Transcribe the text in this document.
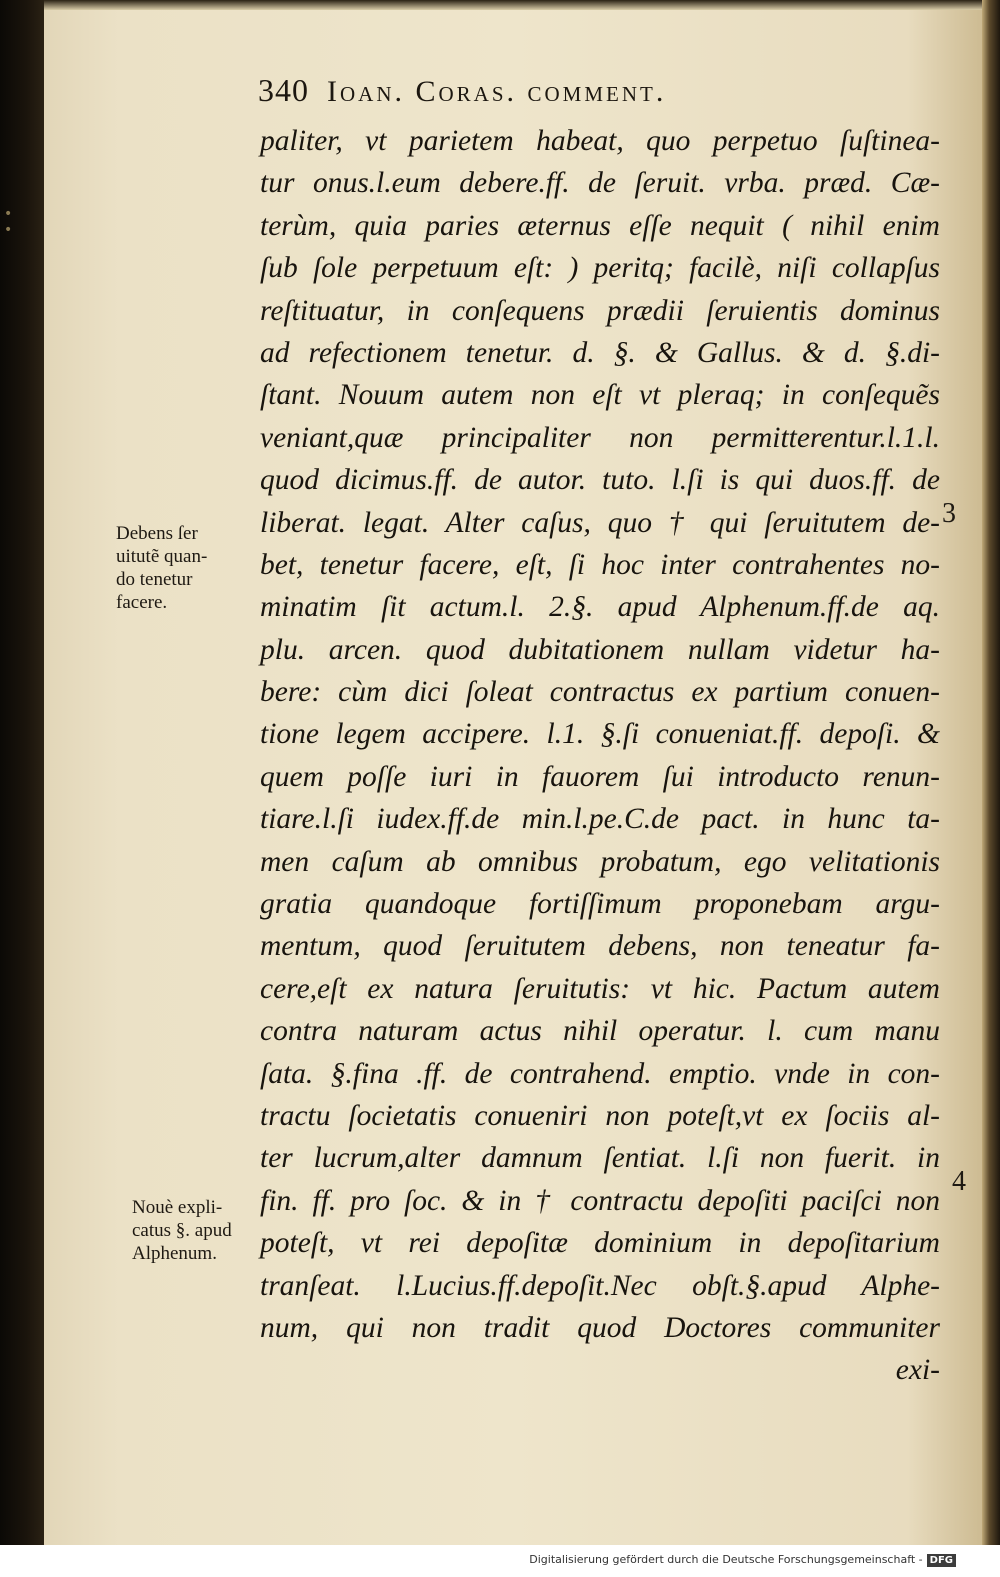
• •
340 Ioan. Coras. comment.
paliter, vt parietem habeat, quo perpetuo ſuſtinea-
tur onus.l.eum debere.ff. de ſeruit. vrba. præd. Cæ-
terùm, quia paries æternus eſſe nequit ( nihil enim
ſub ſole perpetuum eſt: ) peritq; facilè, niſi collapſus
reſtituatur, in conſequens prædii ſeruientis dominus
ad refectionem tenetur. d. §. & Gallus. & d. §.di-
ſtant. Nouum autem non eſt vt pleraq; in conſequẽs
veniant,quæ principaliter non permitterentur.l.1.l.
quod dicimus.ff. de autor. tuto. l.ſi is qui duos.ff. de
liberat. legat. Alter caſus, quo † qui ſeruitutem de-
bet, tenetur facere, eſt, ſi hoc inter contrahentes no-
minatim ſit actum.l. 2.§. apud Alphenum.ff.de aq.
plu. arcen. quod dubitationem nullam videtur ha-
bere: cùm dici ſoleat contractus ex partium conuen-
tione legem accipere. l.1. §.ſi conueniat.ff. depoſi. &
quem poſſe iuri in fauorem ſui introducto renun-
tiare.l.ſi iudex.ff.de min.l.pe.C.de pact. in hunc ta-
men caſum ab omnibus probatum, ego velitationis
gratia quandoque fortiſſimum proponebam argu-
mentum, quod ſeruitutem debens, non teneatur fa-
cere,eſt ex natura ſeruitutis: vt hic. Pactum autem
contra naturam actus nihil operatur. l. cum manu
ſata. §.fina .ff. de contrahend. emptio. vnde in con-
tractu ſocietatis conueniri non poteſt,vt ex ſociis al-
ter lucrum,alter damnum ſentiat. l.ſi non fuerit. in
fin. ff. pro ſoc. & in † contractu depoſiti paciſci non
poteſt, vt rei depoſitæ dominium in depoſitarium
tranſeat. l.Lucius.ff.depoſit.Nec obſt.§.apud Alphe-
num, qui non tradit quod Doctores communiter
exi-
Debens ſer
uitutẽ quan-
do tenetur
facere.
Nouè expli-
catus §. apud
Alphenum.
3
4
Digitalisierung gefördert durch die Deutsche Forschungsgemeinschaft - DFG
